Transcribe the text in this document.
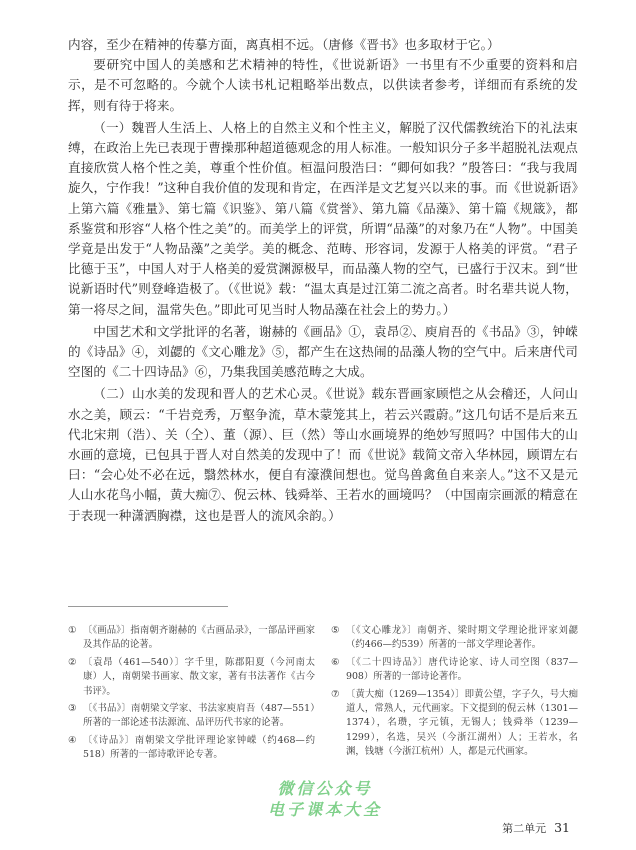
内容，至少在精神的传摹方面，离真相不远。（唐修《晋书》也多取材于它。）

要研究中国人的美感和艺术精神的特性，《世说新语》一书里有不少重要的资料和启示，是不可忽略的。今就个人读书札记粗略举出数点，以供读者参考，详细而有系统的发挥，则有待于将来。

（一）魏晋人生活上、人格上的自然主义和个性主义，解脱了汉代儒教统治下的礼法束缚，在政治上先已表现于曹操那种超道德观念的用人标准。一般知识分子多半超脱礼法观点直接欣赏人格个性之美，尊重个性价值。桓温问殷浩曰：“卿何如我？”殷答曰：“我与我周旋久，宁作我！”这种自我价值的发现和肯定，在西洋是文艺复兴以来的事。而《世说新语》上第六篇《雅量》、第七篇《识鉴》、第八篇《赏誉》、第九篇《品藻》、第十篇《规箴》，都系鉴赏和形容“人格个性之美”的。而美学上的评赏，所谓“品藻”的对象乃在“人物”。中国美学竟是出发于“人物品藻”之美学。美的概念、范畴、形容词，发源于人格美的评赏。“君子比德于玉”，中国人对于人格美的爱赏渊源极早，而品藻人物的空气，已盛行于汉末。到“世说新语时代”则登峰造极了。（《世说》载：“温太真是过江第二流之高者。时名辈共说人物，第一将尽之间，温常失色。”即此可见当时人物品藻在社会上的势力。）

中国艺术和文学批评的名著，谢赫的《画品》①，袁昂②、庾肩吾的《书品》③，钟嵘的《诗品》④，刘勰的《文心雕龙》⑤，都产生在这热闹的品藻人物的空气中。后来唐代司空图的《二十四诗品》⑥，乃集我国美感范畴之大成。

（二）山水美的发现和晋人的艺术心灵。《世说》载东晋画家顾恺之从会稽还，人问山水之美，顾云：“千岩竞秀，万壑争流，草木蒙笼其上，若云兴霞蔚。”这几句话不是后来五代北宋荆（浩）、关（仝）、董（源）、巨（然）等山水画境界的绝妙写照吗？中国伟大的山水画的意境，已包具于晋人对自然美的发现中了！而《世说》载简文帝入华林园，顾谓左右曰：“会心处不必在远，翳然林水，便自有濠濮间想也。觉鸟兽禽鱼自来亲人。”这不又是元人山水花鸟小幅，黄大痴⑦、倪云林、钱舜举、王若水的画境吗？（中国南宗画派的精意在于表现一种潇洒胸襟，这也是晋人的流风余韵。）

① 〔《画品》〕指南朝齐谢赫的《古画品录》，一部品评画家及其作品的论著。
② 〔袁昂（461—540）〕字千里，陈郡阳夏（今河南太康）人，南朝梁书画家、散文家，著有书法著作《古今书评》。
③ 〔《书品》〕南朝梁文学家、书法家庾肩吾（487—551）所著的一部论述书法源流、品评历代书家的论著。
④ 〔《诗品》〕南朝梁文学批评理论家钟嵘（约468—约518）所著的一部诗歌评论专著。
⑤ 〔《文心雕龙》〕南朝齐、梁时期文学理论批评家刘勰（约466—约539）所著的一部文学理论著作。
⑥ 〔《二十四诗品》〕唐代诗论家、诗人司空图（837—908）所著的一部诗论著作。
⑦ 〔黄大痴（1269—1354）〕即黄公望，字子久，号大痴道人，常熟人，元代画家。下文提到的倪云林（1301—1374），名瓒，字元镇，无锡人；钱舜举（1239—1299），名选，吴兴（今浙江湖州）人；王若水，名渊，钱塘（今浙江杭州）人，都是元代画家。
微信公众号
电子课本大全
第二单元 31
